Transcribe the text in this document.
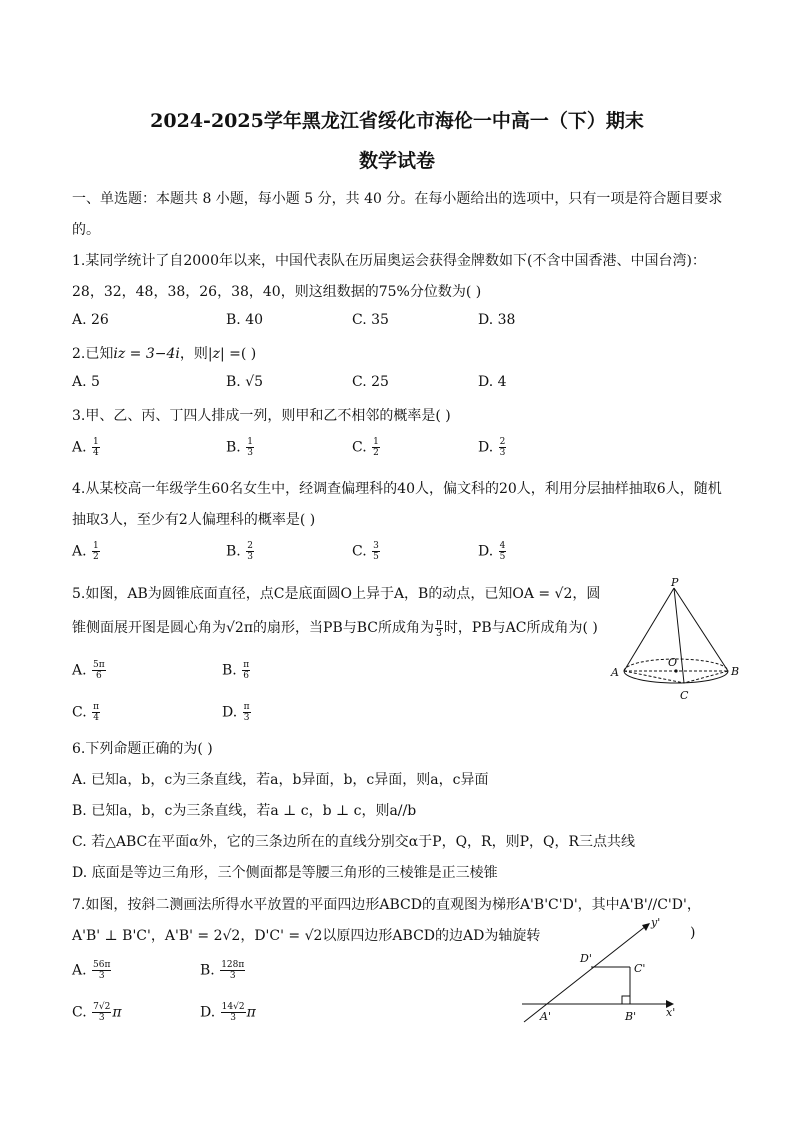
2024-2025学年黑龙江省绥化市海伦一中高一（下）期末
数学试卷
一、单选题：本题共 8 小题，每小题 5 分，共 40 分。在每小题给出的选项中，只有一项是符合题目要求
的。
1.某同学统计了自2000年以来，中国代表队在历届奥运会获得金牌数如下(不含中国香港、中国台湾)：
28，32，48，38，26，38，40，则这组数据的75%分位数为( )
A. 26	B. 40	C. 35	D. 38
2.已知iz = 3−4i，则|z| =( )
A. 5	B. √5	C. 25	D. 4
3.甲、乙、丙、丁四人排成一列，则甲和乙不相邻的概率是( )
A. $\frac{1}{4}$	B. $\frac{1}{3}$	C. $\frac{1}{2}$	D. $\frac{2}{3}$
4.从某校高一年级学生60名女生中，经调查偏理科的40人，偏文科的20人，利用分层抽样抽取6人，随机
抽取3人，至少有2人偏理科的概率是( )
A. $\frac{1}{2}$	B. $\frac{2}{3}$	C. $\frac{3}{5}$	D. $\frac{4}{5}$
5.如图，AB为圆锥底面直径，点C是底面圆O上异于A，B的动点，已知OA = √2，圆
锥侧面展开图是圆心角为√2π的扇形，当PB与BC所成角为 $\frac{\pi}{3}$ 时，PB与AC所成角为( )
A. $\frac{5\pi}{6}$	B. $\frac{\pi}{6}$
C. $\frac{\pi}{4}$	D. $\frac{\pi}{3}$
P
O
A	B
C
6.下列命题正确的为( )
A. 已知a，b，c为三条直线，若a，b异面，b，c异面，则a，c异面
B. 已知a，b，c为三条直线，若a ⊥ c，b ⊥ c，则a//b
C. 若△ABC在平面α外，它的三条边所在的直线分别交α于P，Q，R，则P，Q，R三点共线
D. 底面是等边三角形，三个侧面都是等腰三角形的三棱锥是正三棱锥
7.如图，按斜二测画法所得水平放置的平面四边形ABCD的直观图为梯形A'B'C'D'，其中A'B'//C'D'，
A'B' ⊥ B'C'，A'B' = 2√2，D'C' = √2以原四边形ABCD的边AD为轴旋转	)
A. $\frac{56\pi}{3}$	B. $\frac{128\pi}{3}$
C. $\frac{7√2}{3}$ π	D. $\frac{14√2}{3}$ π
y'
D'
C'
A'	B'	x'
